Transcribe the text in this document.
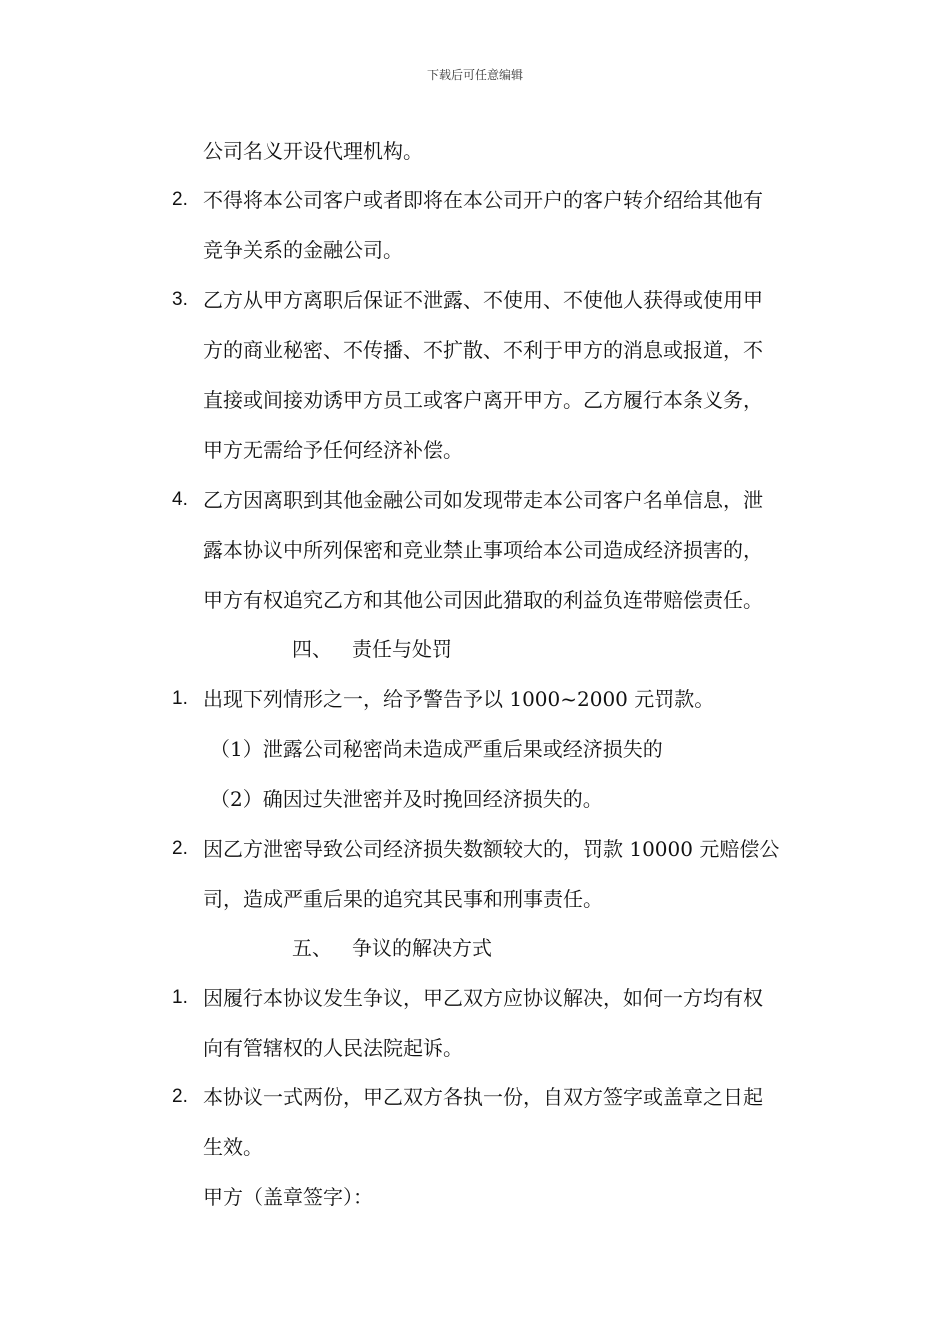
下载后可任意编辑
公司名义开设代理机构。
2. 不得将本公司客户或者即将在本公司开户的客户转介绍给其他有
竞争关系的金融公司。
3. 乙方从甲方离职后保证不泄露、不使用、不使他人获得或使用甲
方的商业秘密、不传播、不扩散、不利于甲方的消息或报道，不
直接或间接劝诱甲方员工或客户离开甲方。乙方履行本条义务，
甲方无需给予任何经济补偿。
4. 乙方因离职到其他金融公司如发现带走本公司客户名单信息，泄
露本协议中所列保密和竞业禁止事项给本公司造成经济损害的，
甲方有权追究乙方和其他公司因此猎取的利益负连带赔偿责任。
四、 责任与处罚
1. 出现下列情形之一，给予警告予以 1000~2000 元罚款。
（1）泄露公司秘密尚未造成严重后果或经济损失的
（2）确因过失泄密并及时挽回经济损失的。
2. 因乙方泄密导致公司经济损失数额较大的，罚款 10000 元赔偿公
司，造成严重后果的追究其民事和刑事责任。
五、 争议的解决方式
1. 因履行本协议发生争议，甲乙双方应协议解决，如何一方均有权
向有管辖权的人民法院起诉。
2. 本协议一式两份，甲乙双方各执一份，自双方签字或盖章之日起
生效。
甲方（盖章签字）：
